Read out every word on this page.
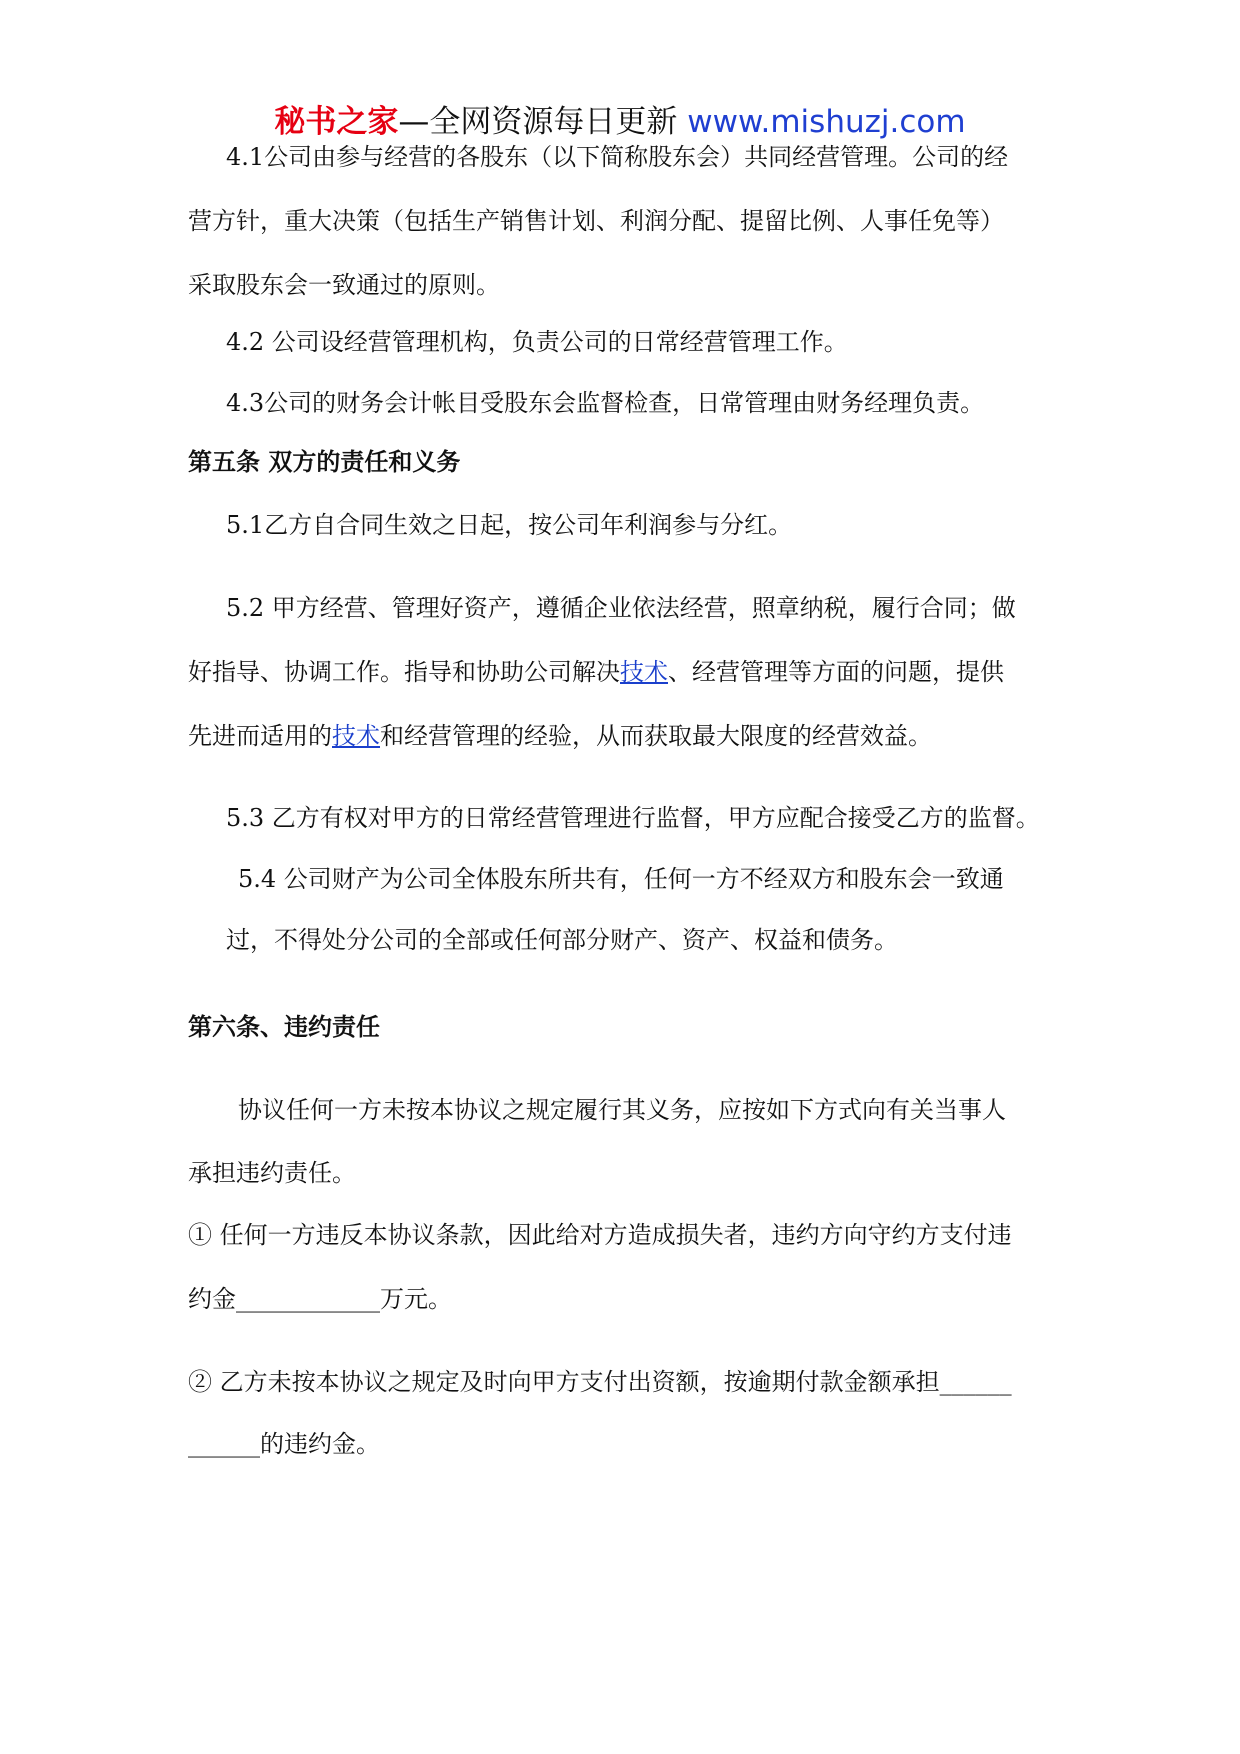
秘书之家—全网资源每日更新 www.mishuzj.com

4.1公司由参与经营的各股东（以下简称股东会）共同经营管理。公司的经

营方针，重大决策（包括生产销售计划、利润分配、提留比例、人事任免等）

采取股东会一致通过的原则。

4.2 公司设经营管理机构，负责公司的日常经营管理工作。

4.3公司的财务会计帐目受股东会监督检查，日常管理由财务经理负责。

第五条 双方的责任和义务

5.1乙方自合同生效之日起，按公司年利润参与分红。

5.2 甲方经营、管理好资产，遵循企业依法经营，照章纳税，履行合同；做

好指导、协调工作。指导和协助公司解决技术、经营管理等方面的问题，提供

先进而适用的技术和经营管理的经验，从而获取最大限度的经营效益。

5.3 乙方有权对甲方的日常经营管理进行监督，甲方应配合接受乙方的监督。

5.4 公司财产为公司全体股东所共有，任何一方不经双方和股东会一致通

过，不得处分公司的全部或任何部分财产、资产、权益和债务。

第六条、违约责任

协议任何一方未按本协议之规定履行其义务，应按如下方式向有关当事人

承担违约责任。

① 任何一方违反本协议条款，因此给对方造成损失者，违约方向守约方支付违

约金____________万元。

② 乙方未按本协议之规定及时向甲方支付出资额，按逾期付款金额承担______

______的违约金。
